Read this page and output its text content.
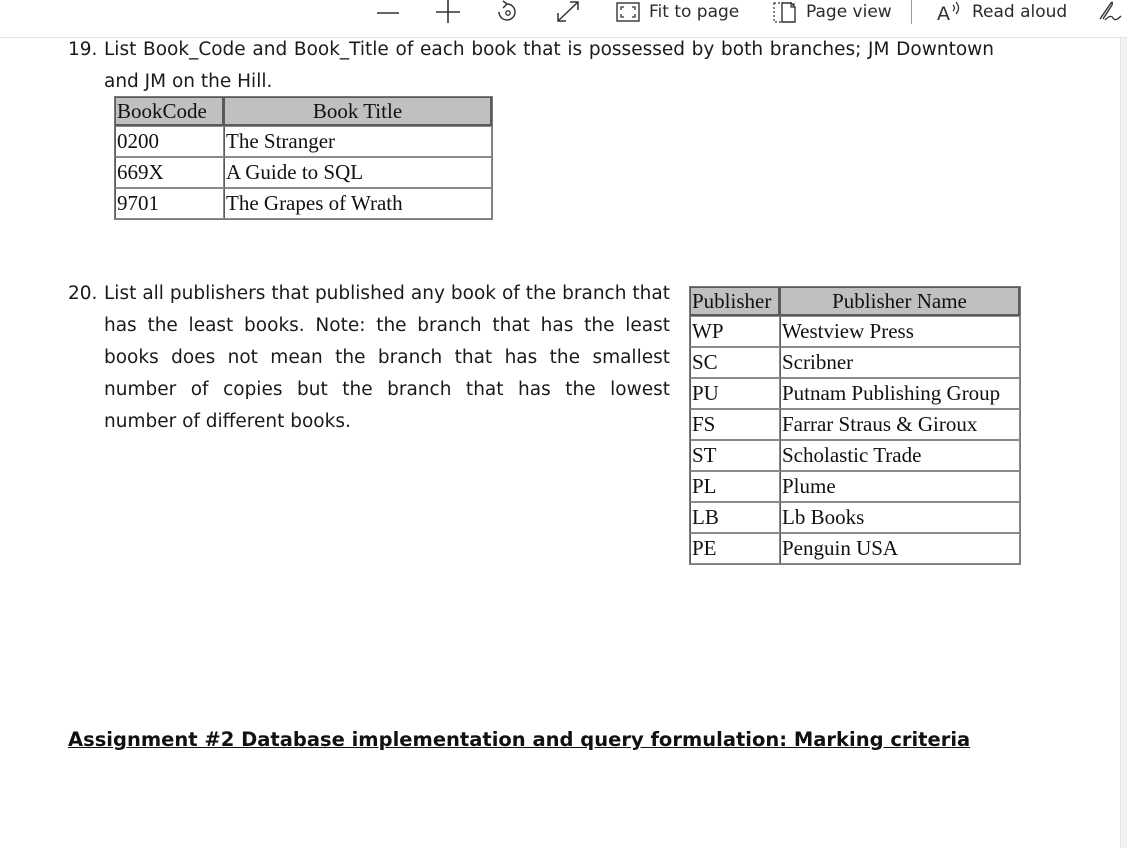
Fit to page	Page view A Read aloud
19. List Book_Code and Book_Title of each book that is possessed by both branches; JM Downtown and JM on the Hill.
BookCode	Book Title
0200	The Stranger
669X	A Guide to SQL
9701	The Grapes of Wrath
20. List all publishers that published any book of the branch that has the least books. Note: the branch that has the least books does not mean the branch that has the smallest number of copies but the branch that has the lowest number of different books.
Publisher	Publisher Name
WP	Westview Press
SC	Scribner
PU	Putnam Publishing Group
FS	Farrar Straus & Giroux
ST	Scholastic Trade
PL	Plume
LB	Lb Books
PE	Penguin USA
Assignment #2 Database implementation and query formulation: Marking criteria
